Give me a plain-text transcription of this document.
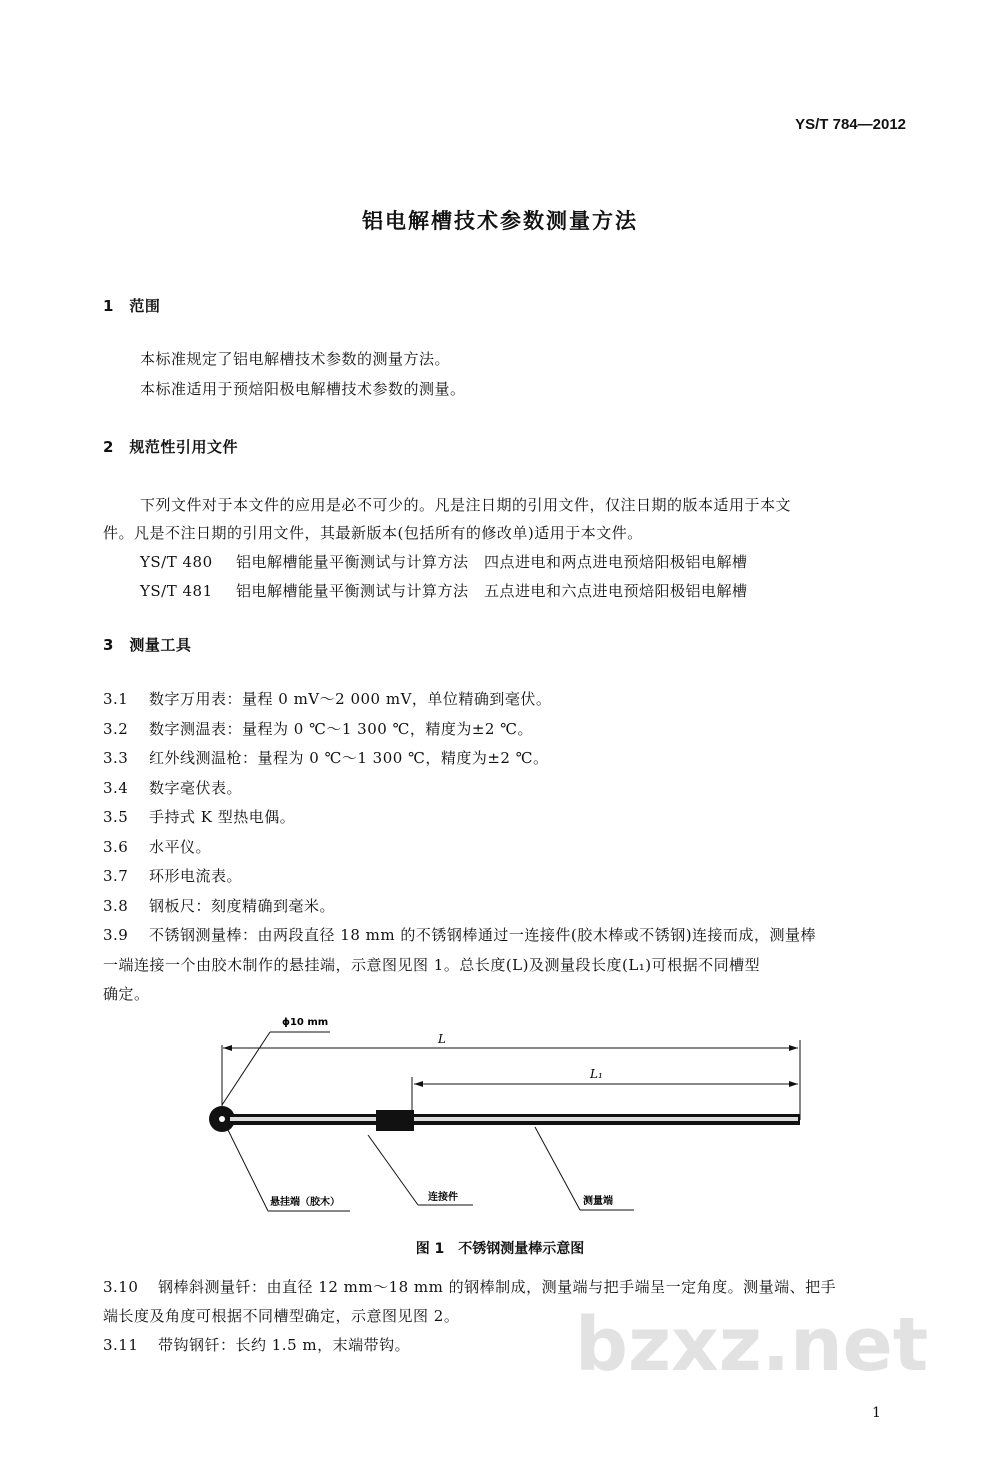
YS/T 784—2012
铝电解槽技术参数测量方法
1　范围
本标准规定了铝电解槽技术参数的测量方法。
本标准适用于预焙阳极电解槽技术参数的测量。
2　规范性引用文件
下列文件对于本文件的应用是必不可少的。凡是注日期的引用文件，仅注日期的版本适用于本文
件。凡是不注日期的引用文件，其最新版本(包括所有的修改单)适用于本文件。
YS/T 480 铝电解槽能量平衡测试与计算方法　四点进电和两点进电预焙阳极铝电解槽
YS/T 481 铝电解槽能量平衡测试与计算方法　五点进电和六点进电预焙阳极铝电解槽
3　测量工具
3.1 数字万用表：量程 0 mV～2 000 mV，单位精确到毫伏。
3.2 数字测温表：量程为 0 ℃～1 300 ℃，精度为±2 ℃。
3.3 红外线测温枪：量程为 0 ℃～1 300 ℃，精度为±2 ℃。
3.4 数字毫伏表。
3.5 手持式 K 型热电偶。
3.6 水平仪。
3.7 环形电流表。
3.8 钢板尺：刻度精确到毫米。
3.9 不锈钢测量棒：由两段直径 18 mm 的不锈钢棒通过一连接件(胶木棒或不锈钢)连接而成，测量棒
一端连接一个由胶木制作的悬挂端，示意图见图 1。总长度(L)及测量段长度(L₁)可根据不同槽型
确定。
ϕ10 mm
L
L₁
悬挂端（胶木）	连接件	测量端
图 1　不锈钢测量棒示意图
3.10 钢棒斜测量钎：由直径 12 mm～18 mm 的钢棒制成，测量端与把手端呈一定角度。测量端、把手
端长度及角度可根据不同槽型确定，示意图见图 2。
3.11 带钩钢钎：长约 1.5 m，末端带钩。 bzxz.net
1
